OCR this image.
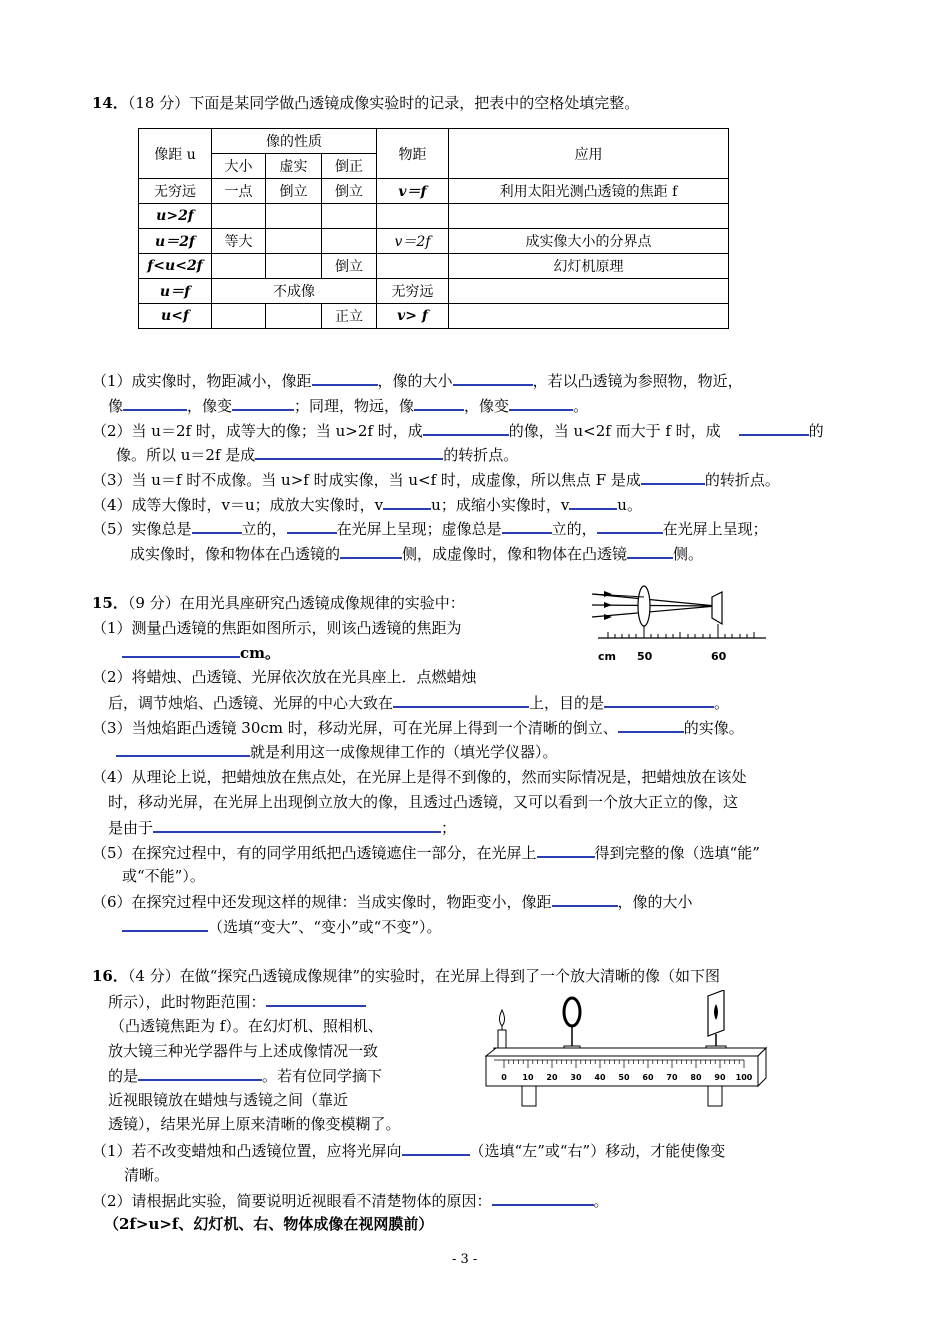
14．（18 分）下面是某同学做凸透镜成像实验时的记录，把表中的空格处填完整。
像距 u	像的性质			物距	应用
	大小	虚实	倒正		
无穷远	一点	倒立	倒立	v＝f	利用太阳光测凸透镜的焦距 f
u>2f					
u＝2f	等大			v＝2f	成实像大小的分界点
f<u<2f			倒立		幻灯机原理
u＝f	不成像			无穷远	
u<f			正立	v> f	
（1）成实像时，物距减小，像距	，像的大小	，若以凸透镜为参照物，物近，
像	，像变	；同理，物远，像	，像变	。
（2）当 u＝2f 时，成等大的像；当 u>2f 时，成	的像，当 u<2f 而大于 f 时，成	的
像。所以 u＝2f 是成	的转折点。
（3）当 u＝f 时不成像。当 u>f 时成实像，当 u<f 时，成虚像，所以焦点 F 是成	的转折点。
（4）成等大像时，v＝u；成放大实像时，v	u；成缩小实像时，v	u。
（5）实像总是	立的，	在光屏上呈现；虚像总是	立的，	在光屏上呈现；
成实像时，像和物体在凸透镜的	侧，成虚像时，像和物体在凸透镜	侧。
15．（9 分）在用光具座研究凸透镜成像规律的实验中：
（1）测量凸透镜的焦距如图所示，则该凸透镜的焦距为
cm。	cm 50	60
（2）将蜡烛、凸透镜、光屏依次放在光具座上．点燃蜡烛
后，调节烛焰、凸透镜、光屏的中心大致在	上，目的是	。
（3）当烛焰距凸透镜 30cm 时，移动光屏，可在光屏上得到一个清晰的倒立、	的实像。
就是利用这一成像规律工作的（填光学仪器）。
（4）从理论上说，把蜡烛放在焦点处，在光屏上是得不到像的，然而实际情况是，把蜡烛放在该处
时，移动光屏，在光屏上出现倒立放大的像，且透过凸透镜，又可以看到一个放大正立的像，这
是由于	；
（5）在探究过程中，有的同学用纸把凸透镜遮住一部分，在光屏上	得到完整的像（选填“能”
或“不能”）。
（6）在探究过程中还发现这样的规律：当成实像时，物距变小，像距	，像的大小
（选填“变大”、“变小”或“不变”）。
16．（4 分）在做“探究凸透镜成像规律”的实验时，在光屏上得到了一个放大清晰的像（如下图
所示），此时物距范围：
（凸透镜焦距为 f）。在幻灯机、照相机、
放大镜三种光学器件与上述成像情况一致
的是	。若有位同学摘下
近视眼镜放在蜡烛与透镜之间（靠近
透镜），结果光屏上原来清晰的像变模糊了。
0 10 20 30 40 50 60 70 80 90 100
（1）若不改变蜡烛和凸透镜位置，应将光屏向	（选填“左”或“右”）移动，才能使像变
清晰。
（2）请根据此实验，简要说明近视眼看不清楚物体的原因：	。
（2f>u>f、幻灯机、右、物体成像在视网膜前）
- 3 -
